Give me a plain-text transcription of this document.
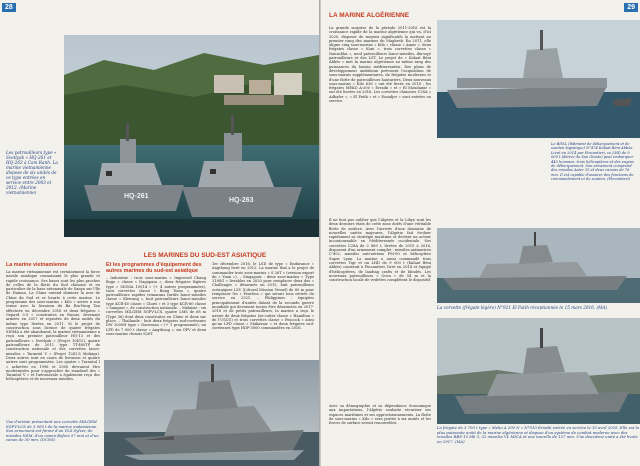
28
HQ-261
HQ-263
Les patrouilleurs type « Svetlyak » HQ-261 et HQ-263 à Cam Ranh. La marine vietnamienne dispose de six unités de ce type entrées en service entre 2003 et 2012. (Marine vietnamienne)
LES MARINES DU SUD-EST ASIATIQUE
La marine vietnamienne
La marine vietnamienne est certainement la force navale asiatique connaissant le plus grande et rapide croissance. Ses bases sont les plus proches de celles de la flotte du Sud chinoise et en particulier de la base aéronavale de Sanya sur l'île de Hainan. La Chine entend dominer la mer de Chine du Sud et se heurte à cette marine. Le programme des sous-marins « Kilo » arrive à son terme avec la livraison du Ba Ria-Vung Tau effectuée en décembre 2016 et deux frégates « Gepard 3.9 » construites en Russie, devenant armées en 2017 et reposées de deux unités du même type livrées en 2011. Si le projet de construction sous licence de quatre frégates SIGMA a été abandonné, la marine vietnamienne a reçu son premier patrouilleur HQ-13 et des patrouilleurs « Svetlyak » (Projet 10412), quatre patrouilleurs de 2011 type TT-400TP de construction nationale et des corvettes lance-missiles « Tarantul V » (Projet 1241.8 Molniya). Deux autres sont en cours de livraison et quatre autres sont programmées. Les quatre « Tarantul I » achetées en 1996 et 2000 devraient être modernisées pour s'approcher du standard des « Tarantul V » et l'aéronavale a également reçu des hélicoptères et de nouveaux missiles.
Vue d'artiste présentant une corvette MILGEM SGPV-LCS de 3 000 t de la marine malaisienne. Son armement est formé d'un VLS Sylver, de missiles NSM, d'un canon Bofors 57 mm et d'un canon de 30 mm. (DCNS)
Et les programmes d'équipement des autres marines du sud-est asiatique
– Indonésie : trois sous-marins « Improved Chang Bogo » classe « Nagapasa », deux frégates légères type « SIGMA 10514 » (+ 4 autres programmées), trois corvettes classe « Bung Tomo », quatre patrouilleurs rapides trimarans furtifs lance-missiles classe « Klewang », huit patrouilleurs lance-missiles type KCR-40 classe « Clurit » et 3 type KCR-60 classe « Sampari », de construction nationale. – Malaisie : six corvettes MILGEM SGPV-LCS, quatre LMS de 68 m (Type 56) dont deux construites en Chine et deux sur place. – Thaïlande : huit deux frégates sud-coréennes DW 3000H type « Naresuan » (+ 1 programmée), un LPD de 7 000 t classe « Angthong », six OPV et deux sous-marins chinois S26T.
1er décembre 2016, le LSD de type « Endurance » Angthong livré en 2012. La marine thaï a le projet de commander trois sous-marins « S 26T » (version export du « Yuan »). – Singapour : deux sous-marins « Type 218SG » livrables en 2020 pour remplacer deux des « Challenger » désarmés en 2015, huit patrouilleurs océaniques LSV (Littoral Mission Vessel) de 80 m pour remplacer les « Fearless » qui seront tous retirés du service en 2021. – Philippines : équipées principalement d'unités datant de la seconde guerre mondiale qui devraient toutes être désarmées en 2017-2018 et de petits patrouilleurs, la marine a reçu le navire de deux frégates (ex-cutter classe « Hamilton » de l'USCG) et trois corvettes classe « Peacock » ainsi qu'un LPD classe « Makassar » et deux frégates sud-coréennes type HDF-3000 commandées en 2016.
29
LA MARINE ALGÉRIENNE
La grande surprise de la période 2011-2016 est la croissance rapide de la marine algérienne qui va, d'ici 2020, disposer de moyens significatifs la mettant au premier rang des marines du Maghreb. En 2011, elle aligne cinq sous-marins « Kilo » classe « Amur », deux frégates classe « Koni », trois corvettes classe « Nanuchka », neuf patrouilleurs lance-missiles, dix-sept patrouilleurs et des LST. Le projet de « Kalaat Béni Abbès » met la marine algérienne au même rang des puissances du bassin méditerranéen. Des plans de développement ambitieux prévoient l'acquisition de sous-marins supplémentaires, de frégates modernes et d'une flotte de patrouilleurs hauturiers. Deux nouveaux sous-marins « Kilo 636 » ont été livrés en 2018 ; les frégates MEKO A-200 « Erradii » et « El Moudamir » ont été livrées en 2016. Les corvettes chinoises C28A « Adhafer », « El Fatih » et « Ezzadjer » sont entrées en service.
Il ne faut pas oublier que l'Algérie et la Libye sont les deux derniers états de cette zone dotés d'une véritable flotte de surface. Avec l'arrivée d'une douzaine de nouvelles unités majeures, l'Algérie fait évoluer rapidement sa stratégie maritime et devient un acteur incontournable en Méditerranée occidentale. Ses corvettes C28A de 2 880 t, livrées de 2015 à 2016, disposent d'un armement complet : missiles antinavires C-802, missiles anti-aériens FM-90 et hélicoptère Super Lynx. La marine a aussi commandé trois corvettes Tigr et un LHD de 9 000 t (Kalaat Béni Abbès) construit à Fincantieri, livré en 2014 et équipé d'hélicoptères, de landing crafts et de blindés. Les nouveaux patrouilleurs « Ocea » de 54 m et la construction locale de vedettes complètent le dispositif.
Avec sa démographie et sa dépendance économique aux importations, l'Algérie souhaite sécuriser ses espaces maritimes et ses approvisionnements. La flotte de sous-marins « Kilo » sera portée à six unités et les forces de surface seront renouvelées.
Le BDSL (bâtiment de débarquement et de soutien logistique) N°474 Kalaat Béni Abbès. Livré en 2014 par Fincantieri, ce LHD de 9 000 t (dérivé du San Giusto) peut embarquer 440 hommes, trois hélicoptères et des engins de débarquement. Son armement comprend des missiles Aster 15 et deux canons de 76 mm. Il est capable d'assurer des fonctions de commandement et de soutien. (Fincantieri)
La corvette (frégate légère) N°921 El Fatih réceptionnée le 15 mars 2016. (MA)
La frégate de 3 700 t type « Meko A 200 N » N°910 Erradii entrée en service le 10 avril 2016. Elle est la plus puissante unité de la marine algérienne et dispose d'un système de combat moderne avec des missiles RBS-15 Mk 3, 32 missiles VL MICA et une tourelle de 127 mm. Une deuxième unité a été livrée en 2017. (MA)
